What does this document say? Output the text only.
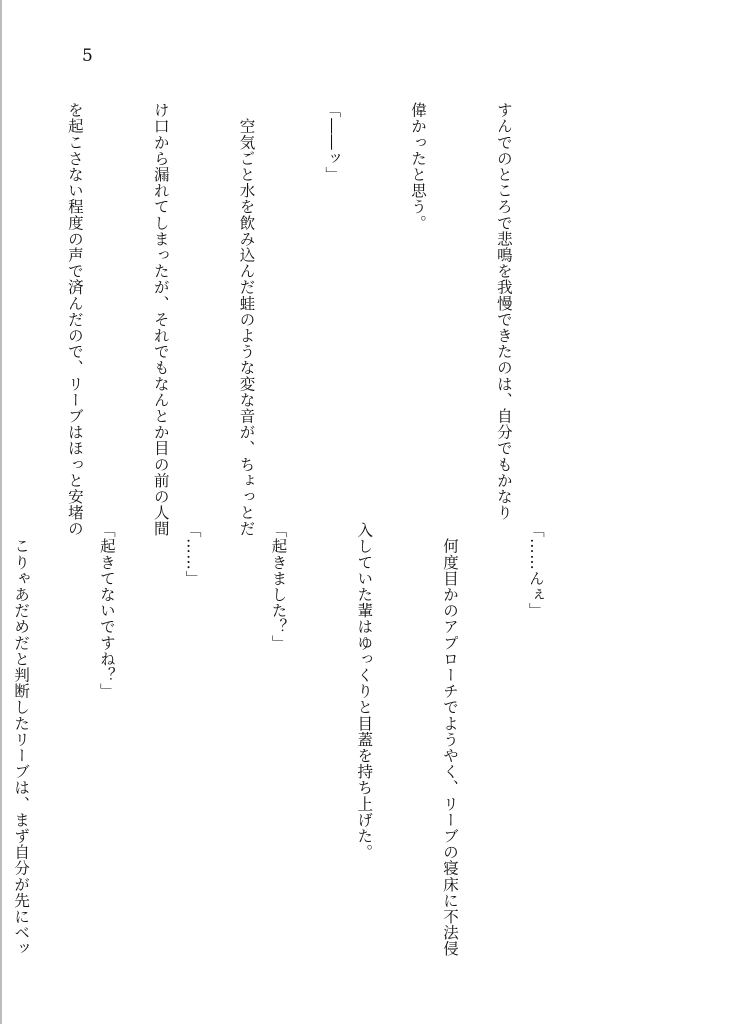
5

すんでのところで悲鳴を我慢できたのは、自分でもかなり

偉かったと思う。

「――ッ」

　空気ごと水を飲み込んだ蛙のような変な音が、ちょっとだ

け口から漏れてしまったが、それでもなんとか目の前の人間

を起こさない程度の声で済んだので、リーブはほっと安堵の

「……んぇ」

　何度目かのアプローチでようやく、リーブの寝床に不法侵

入していた輩はゆっくりと目蓋を持ち上げた。

「起きました？」

「……」

「起きてないですね？」

　こりゃあだめだと判断したリーブは、まず自分が先にベッ
